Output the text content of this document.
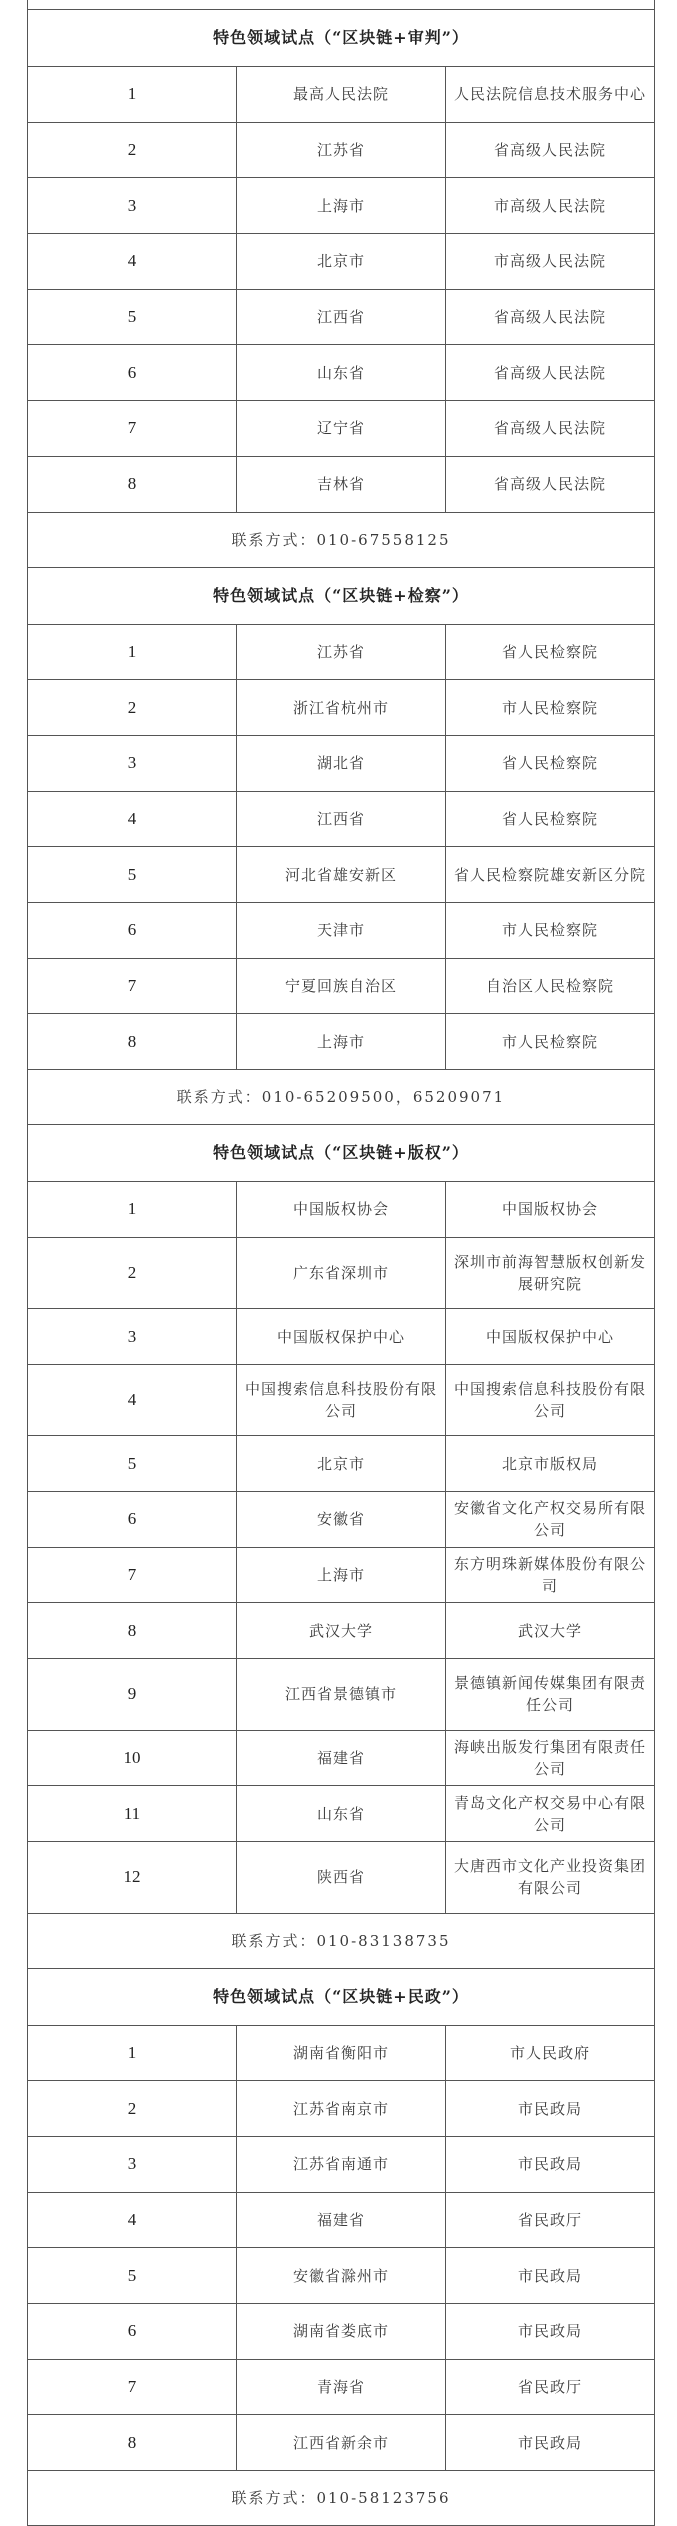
特色领域试点（“区块链+审判”）		
1	最高人民法院	人民法院信息技术服务中心
2	江苏省	省高级人民法院
3	上海市	市高级人民法院
4	北京市	市高级人民法院
5	江西省	省高级人民法院
6	山东省	省高级人民法院
7	辽宁省	省高级人民法院
8	吉林省	省高级人民法院
联系方式：010-67558125		
特色领域试点（“区块链+检察”）		
1	江苏省	省人民检察院
2	浙江省杭州市	市人民检察院
3	湖北省	省人民检察院
4	江西省	省人民检察院
5	河北省雄安新区	省人民检察院雄安新区分院
6	天津市	市人民检察院
7	宁夏回族自治区	自治区人民检察院
8	上海市	市人民检察院
联系方式：010-65209500，65209071		
特色领域试点（“区块链+版权”）		
1	中国版权协会	中国版权协会
2	广东省深圳市	深圳市前海智慧版权创新发展研究院
3	中国版权保护中心	中国版权保护中心
4	中国搜索信息科技股份有限公司	中国搜索信息科技股份有限公司
5	北京市	北京市版权局
6	安徽省	安徽省文化产权交易所有限公司
7	上海市	东方明珠新媒体股份有限公司
8	武汉大学	武汉大学
9	江西省景德镇市	景德镇新闻传媒集团有限责任公司
10	福建省	海峡出版发行集团有限责任公司
11	山东省	青岛文化产权交易中心有限公司
12	陕西省	大唐西市文化产业投资集团有限公司
联系方式：010-83138735		
特色领域试点（“区块链+民政”）		
1	湖南省衡阳市	市人民政府
2	江苏省南京市	市民政局
3	江苏省南通市	市民政局
4	福建省	省民政厅
5	安徽省滁州市	市民政局
6	湖南省娄底市	市民政局
7	青海省	省民政厅
8	江西省新余市	市民政局
联系方式：010-58123756		
